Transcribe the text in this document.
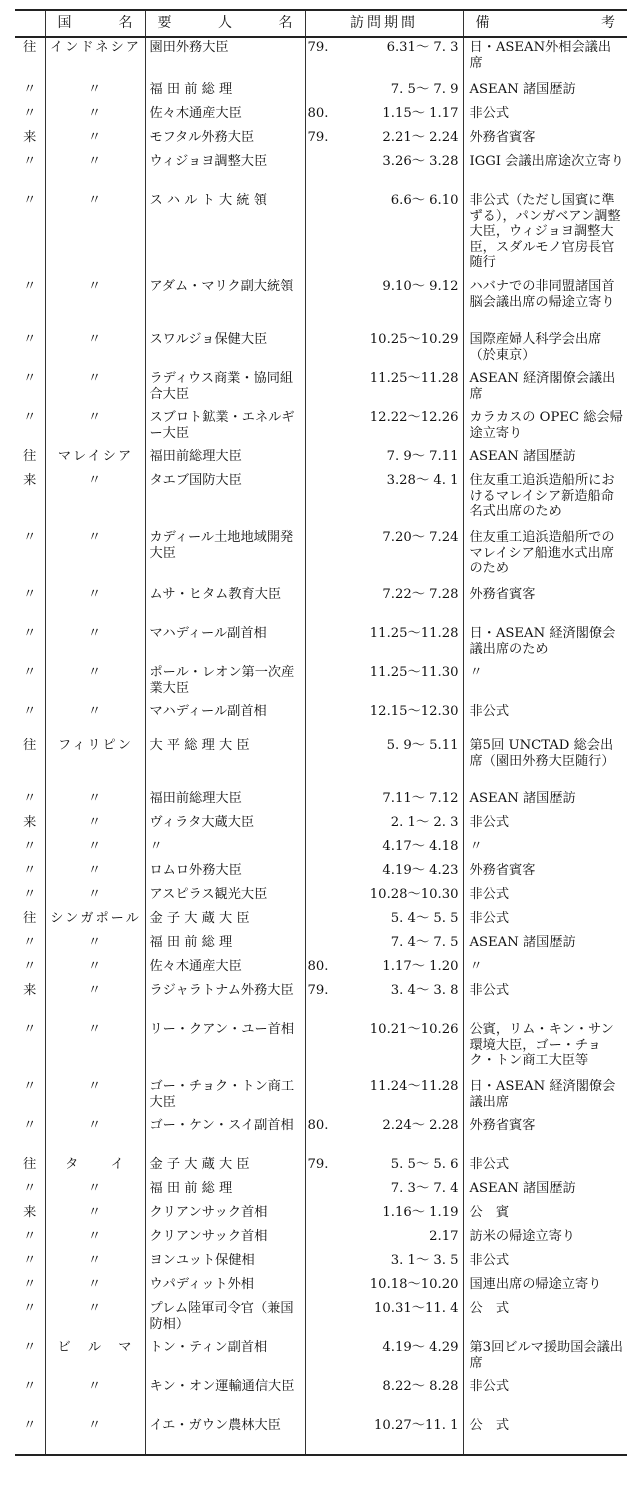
	国　名	要　人　名	訪問期間		備　考
往	インドネシア	園田外務大臣	79.	6.31〜 7. 3	日・ASEAN外相会議出席
〃	〃	福 田 前 総 理		7. 5〜 7. 9	ASEAN 諸国歴訪
〃	〃	佐々木通産大臣	80.	1.15〜 1.17	非公式
来	〃	モフタル外務大臣	79.	2.21〜 2.24	外務省賓客
〃	〃	ウィジョヨ調整大臣		3.26〜 3.28	IGGI 会議出席途次立寄り
〃	〃	ス ハ ル ト 大 統 領		6.6〜 6.10	非公式（ただし国賓に準ずる），パンガベアン調整大臣，ウィジョヨ調整大臣，スダルモノ官房長官随行
〃	〃	アダム・マリク副大統領		9.10〜 9.12	ハバナでの非同盟諸国首脳会議出席の帰途立寄り
〃	〃	スワルジョ保健大臣		10.25〜10.29	国際産婦人科学会出席（於東京）
〃	〃	ラディウス商業・協同組合大臣		11.25〜11.28	ASEAN 経済閣僚会議出席
〃	〃	スブロト鉱業・エネルギー大臣		12.22〜12.26	カラカスの OPEC 総会帰途立寄り
往	マレイシア	福田前総理大臣		7. 9〜 7.11	ASEAN 諸国歴訪
来	〃	タエブ国防大臣		3.28〜 4. 1	住友重工追浜造船所におけるマレイシア新造船命名式出席のため
〃	〃	カディール土地地域開発大臣		7.20〜 7.24	住友重工追浜造船所でのマレイシア船進水式出席のため
〃	〃	ムサ・ヒタム教育大臣		7.22〜 7.28	外務省賓客
〃	〃	マハディール副首相		11.25〜11.28	日・ASEAN 経済閣僚会議出席のため
〃	〃	ポール・レオン第一次産業大臣		11.25〜11.30	〃
〃	〃	マハディール副首相		12.15〜12.30	非公式
往	フィリピン	大 平 総 理 大 臣		5. 9〜 5.11	第5回 UNCTAD 総会出席（園田外務大臣随行）
〃	〃	福田前総理大臣		7.11〜 7.12	ASEAN 諸国歴訪
来	〃	ヴィラタ大蔵大臣		2. 1〜 2. 3	非公式
〃	〃	〃		4.17〜 4.18	〃
〃	〃	ロムロ外務大臣		4.19〜 4.23	外務省賓客
〃	〃	アスピラス観光大臣		10.28〜10.30	非公式
往	シンガポール	金 子 大 蔵 大 臣		5. 4〜 5. 5	非公式
〃	〃	福 田 前 総 理		7. 4〜 7. 5	ASEAN 諸国歴訪
〃	〃	佐々木通産大臣	80.	1.17〜 1.20	〃
来	〃	ラジャラトナム外務大臣	79.	3. 4〜 3. 8	非公式
〃	〃	リー・クアン・ユー首相		10.21〜10.26	公賓，リム・キン・サン環境大臣，ゴー・チョク・トン商工大臣等
〃	〃	ゴー・チョク・トン商工大臣		11.24〜11.28	日・ASEAN 経済閣僚会議出席
〃	〃	ゴー・ケン・スイ副首相	80.	2.24〜 2.28	外務省賓客
往	タ　　イ	金 子 大 蔵 大 臣	79.	5. 5〜 5. 6	非公式
〃	〃	福 田 前 総 理		7. 3〜 7. 4	ASEAN 諸国歴訪
来	〃	クリアンサック首相		1.16〜 1.19	公　賓
〃	〃	クリアンサック首相		2.17	訪米の帰途立寄り
〃	〃	ヨンユット保健相		3. 1〜 3. 5	非公式
〃	〃	ウパディット外相		10.18〜10.20	国連出席の帰途立寄り
〃	〃	プレム陸軍司令官（兼国防相）		10.31〜11. 4	公　式
〃	ビ　ル　マ	トン・ティン副首相		4.19〜 4.29	第3回ビルマ援助国会議出席
〃	〃	キン・オン運輸通信大臣		8.22〜 8.28	非公式
〃	〃	イエ・ガウン農林大臣		10.27〜11. 1	公　式
